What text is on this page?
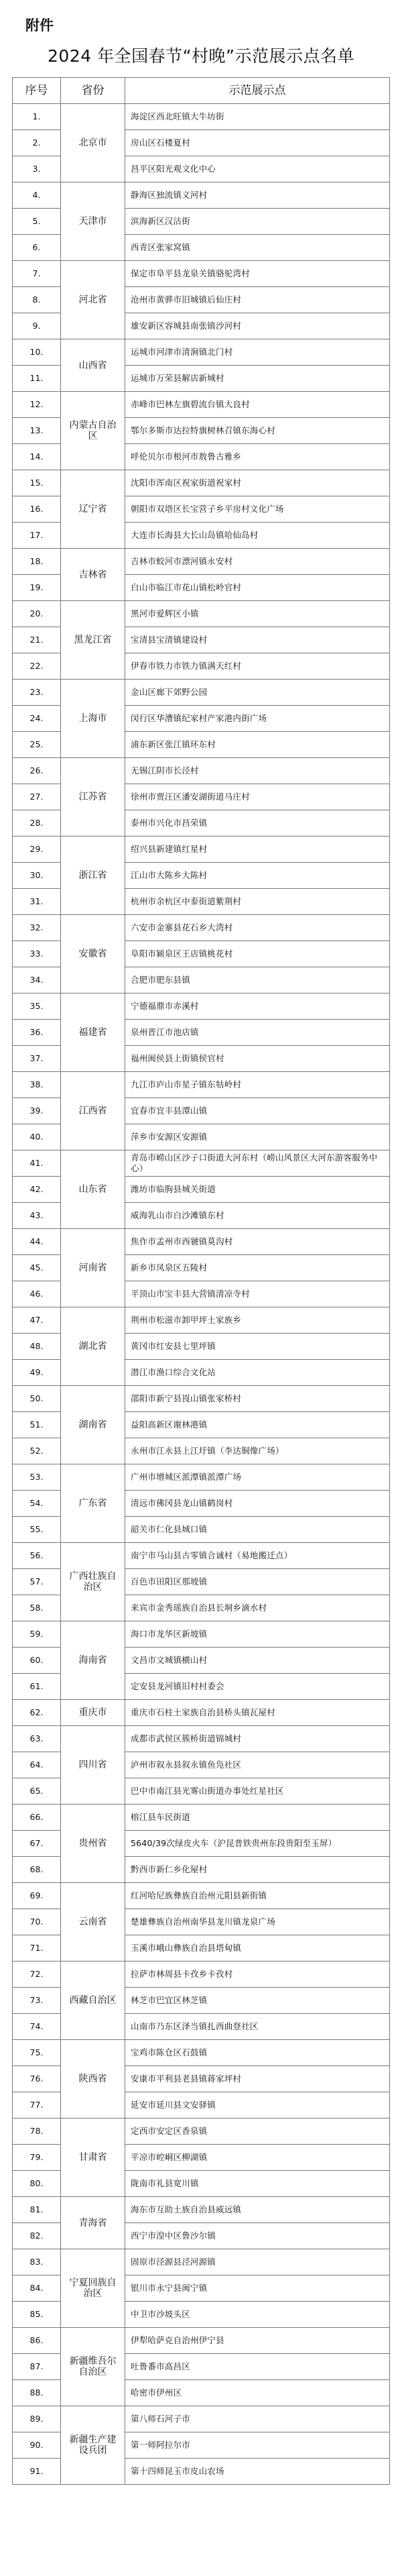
附件
2024 年全国春节“村晚”示范展示点名单
序号	省份	示范展示点
1.	北京市	海淀区西北旺镇大牛坊街
2.		房山区石楼夏村
3.		昌平区阳光观文化中心
4.	天津市	静海区独流镇义河村
5.		滨海新区汉沽街
6.		西青区张家窝镇
7.	河北省	保定市阜平县龙泉关镇骆驼湾村
8.		沧州市黄骅市旧城镇后仙庄村
9.		雄安新区容城县南张镇沙河村
10.	山西省	运城市河津市清涧镇北门村
11.		运城市万荣县解店新城村
12.	内蒙古自治区	赤峰市巴林左旗碧流台镇大良村
13.		鄂尔多斯市达拉特旗树林召镇东海心村
14.		呼伦贝尔市根河市敖鲁古雅乡
15.	辽宁省	沈阳市浑南区祝家街道祝家村
16.		朝阳市双塔区长宝营子乡平房村文化广场
17.		大连市长海县大长山岛镇哈仙岛村
18.	吉林省	吉林市蛟河市漂河镇永安村
19.		白山市临江市花山镇松岭官村
20.	黑龙江省	黑河市爱辉区小镇
21.		宝清县宝清镇建设村
22.		伊春市铁力市铁力镇满天红村
23.	上海市	金山区廊下郊野公园
24.		闵行区华漕镇纪家村产家港内街广场
25.		浦东新区张江镇环东村
26.	江苏省	无锡江阴市长泾村
27.		徐州市贾汪区潘安湖街道马庄村
28.		泰州市兴化市昌荣镇
29.	浙江省	绍兴县新建镇红星村
30.		江山市大陈乡大陈村
31.		杭州市余杭区中泰街道紫荆村
32.	安徽省	六安市金寨县花石乡大湾村
33.		阜阳市颍泉区王店镇桃花村
34.		合肥市肥东县镇
35.	福建省	宁德福鼎市赤溪村
36.		泉州晋江市池店镇
37.		福州闽侯县上街镇侯官村
38.	江西省	九江市庐山市星子镇东牯岭村
39.		宜春市宜丰县潭山镇
40.		萍乡市安源区安源镇
41.	山东省	青岛市崂山区沙子口街道大河东村（崂山风景区大河东游客服务中心）
42.		潍坊市临朐县城关街道
43.		威海乳山市白沙滩镇东村
44.	河南省	焦作市孟州市西虢镇莫沟村
45.		新乡市凤泉区五陵村
46.		平顶山市宝丰县大营镇清凉寺村
47.	湖北省	荆州市松滋市卸甲坪土家族乡
48.		黄冈市红安县七里坪镇
49.		潜江市渔口综合文化站
50.	湖南省	邵阳市新宁县崀山镇张家桥村
51.		益阳高新区谢林港镇
52.		永州市江永县上江圩镇（李达铜像广场）
53.	广东省	广州市增城区派潭镇派潭广场
54.		清远市佛冈县龙山镇鹤岗村
55.		韶关市仁化县城口镇
56.	广西壮族自治区	南宁市马山县古零镇合诚村（易地搬迁点）
57.		百色市田阳区那坡镇
58.		来宾市金秀瑶族自治县长垌乡滴水村
59.	海南省	海口市龙华区新坡镇
60.		文昌市文城镇横山村
61.		定安县龙河镇旧村村委会
62.	重庆市	重庆市石柱土家族自治县桥头镇瓦屋村
63.	四川省	成都市武侯区簇桥街道锦城村
64.		泸州市叙永县叙永镇鱼凫社区
65.		巴中市南江县光雾山街道办事处红星社区
66.	贵州省	榕江县车民街道
67.		5640/39次绿皮火车（沪昆普铁贵州东段贵阳至玉屏）
68.		黔西市新仁乡化屋村
69.	云南省	红河哈尼族彝族自治州元阳县新街镇
70.		楚雄彝族自治州南华县龙川镇龙泉广场
71.		玉溪市峨山彝族自治县塔甸镇
72.	西藏自治区	拉萨市林周县卡孜乡卡孜村
73.		林芝市巴宜区林芝镇
74.		山南市乃东区泽当镇扎西曲登社区
75.	陕西省	宝鸡市陈仓区石鼓镇
76.		安康市平利县老县镇蒋家坪村
77.		延安市延川县文安驿镇
78.	甘肃省	定西市安定区香泉镇
79.		平凉市崆峒区柳湖镇
80.		陇南市礼县宽川镇
81.	青海省	海东市互助土族自治县威远镇
82.		西宁市湟中区鲁沙尔镇
83.	宁夏回族自治区	固原市泾源县泾河源镇
84.		银川市永宁县闽宁镇
85.		中卫市沙坡头区
86.	新疆维吾尔自治区	伊犁哈萨克自治州伊宁县
87.		吐鲁番市高昌区
88.		哈密市伊州区
89.	新疆生产建设兵团	第八师石河子市
90.		第一师阿拉尔市
91.		第十四师昆玉市皮山农场
